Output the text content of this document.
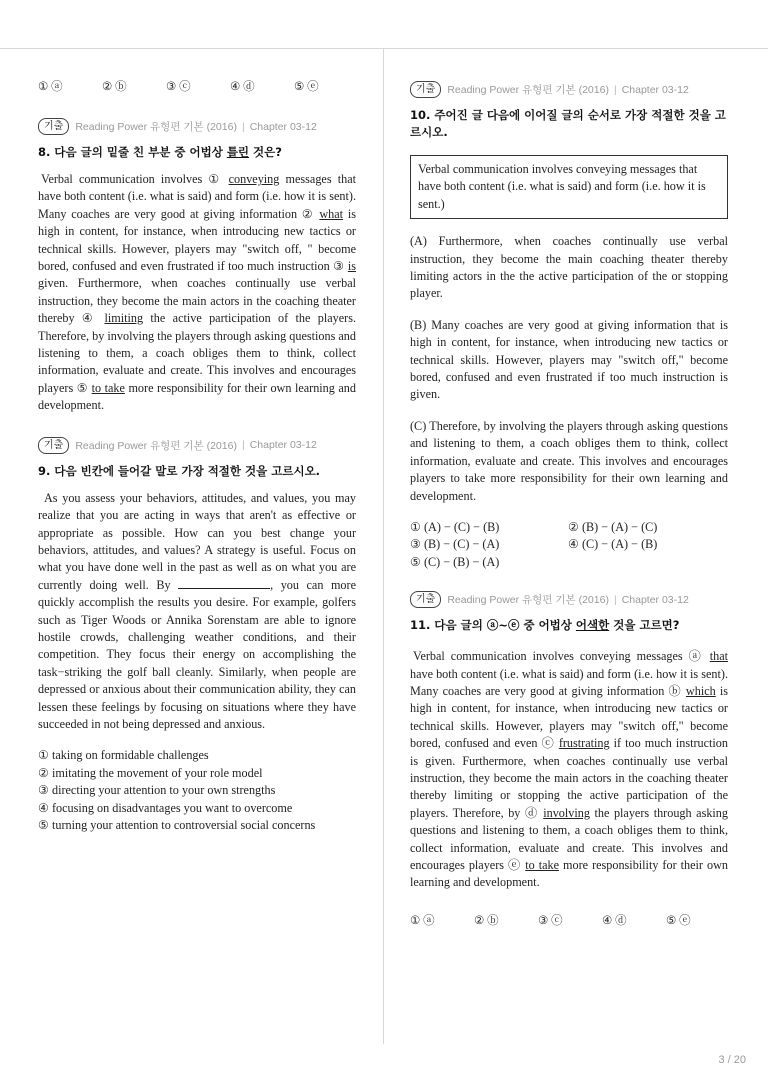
① ⓐ	② ⓑ	③ ⓒ	④ ⓓ	⑤ ⓔ
기출	Reading Power 유형편 기본 (2016) | Chapter 03-12
8. 다음 글의 밑줄 친 부분 중 어법상 틀린 것은?
Verbal communication involves ① conveying messages that have both content (i.e. what is said) and form (i.e. how it is sent). Many coaches are very good at giving information ② what is high in content, for instance, when introducing new tactics or technical skills. However, players may "switch off, " become bored, confused and even frustrated if too much instruction ③ is given. Furthermore, when coaches continually use verbal instruction, they become the main actors in the coaching theater thereby ④ limiting the active participation of the players. Therefore, by involving the players through asking questions and listening to them, a coach obliges them to think, collect information, evaluate and create. This involves and encourages players ⑤ to take more responsibility for their own learning and development.
기출	Reading Power 유형편 기본 (2016) | Chapter 03-12
9. 다음 빈칸에 들어갈 말로 가장 적절한 것을 고르시오.
As you assess your behaviors, attitudes, and values, you may realize that you are acting in ways that aren't as effective or appropriate as possible. How can you best change your behaviors, attitudes, and values? A strategy is useful. Focus on what you have done well in the past as well as on what you are currently doing well. By	, you can more quickly accomplish the results you desire. For example, golfers such as Tiger Woods or Annika Sorenstam are able to ignore hostile crowds, challenging weather conditions, and their competition. They focus their energy on accomplishing the task−striking the golf ball cleanly. Similarly, when people are depressed or anxious about their communication ability, they can lessen these feelings by focusing on situations where they have succeeded in not being depressed and anxious.
① taking on formidable challenges
② imitating the movement of your role model
③ directing your attention to your own strengths
④ focusing on disadvantages you want to overcome
⑤ turning your attention to controversial social concerns
기출	Reading Power 유형편 기본 (2016) | Chapter 03-12
10. 주어진 글 다음에 이어질 글의 순서로 가장 적절한 것을 고르시오.
Verbal communication involves conveying messages that have both content (i.e. what is said) and form (i.e. how it is sent.)
(A) Furthermore, when coaches continually use verbal instruction, they become the main coaching theater thereby limiting actors in the the active participation of the or stopping player.
(B) Many coaches are very good at giving information that is high in content, for instance, when introducing new tactics or technical skills. However, players may "switch off," become bored, confused and even frustrated if too much instruction is given.
(C) Therefore, by involving the players through asking questions and listening to them, a coach obliges them to think, collect information, evaluate and create. This involves and encourages players to take more responsibility for their own learning and development.
① (A) − (C) − (B)	② (B) − (A) − (C)
③ (B) − (C) − (A)	④ (C) − (A) − (B)
⑤ (C) − (B) − (A)
기출	Reading Power 유형편 기본 (2016) | Chapter 03-12
11. 다음 글의 ⓐ~ⓔ 중 어법상 어색한 것을 고르면?
Verbal communication involves conveying messages ⓐ that have both content (i.e. what is said) and form (i.e. how it is sent). Many coaches are very good at giving information ⓑ which is high in content, for instance, when introducing new tactics or technical skills. However, players may "switch off," become bored, confused and even ⓒ frustrating if too much instruction is given. Furthermore, when coaches continually use verbal instruction, they become the main actors in the coaching theater thereby limiting or stopping the active participation of the players. Therefore, by ⓓ involving the players through asking questions and listening to them, a coach obliges them to think, collect information, evaluate and create. This involves and encourages players ⓔ to take more responsibility for their own learning and development.
① ⓐ	② ⓑ	③ ⓒ	④ ⓓ	⑤ ⓔ
3 / 20
